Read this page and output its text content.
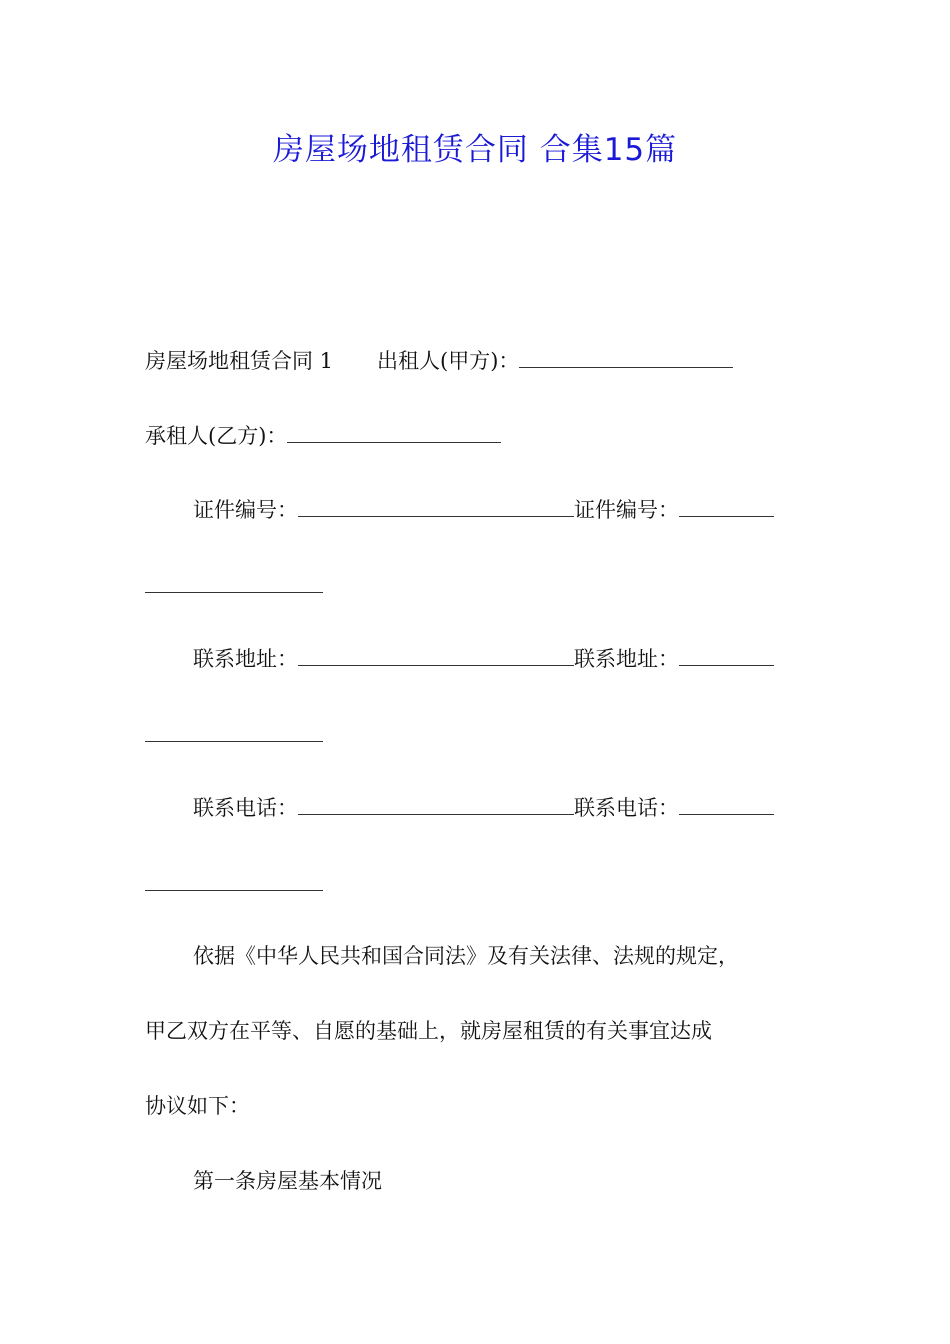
房屋场地租赁合同 合集15篇
房屋场地租赁合同 1 出租人(甲方)：
承租人(乙方)：
证件编号：	证件编号：
联系地址：	联系地址：
联系电话：	联系电话：
依据《中华人民共和国合同法》及有关法律、法规的规定，
甲乙双方在平等、自愿的基础上，就房屋租赁的有关事宜达成
协议如下：
第一条房屋基本情况
